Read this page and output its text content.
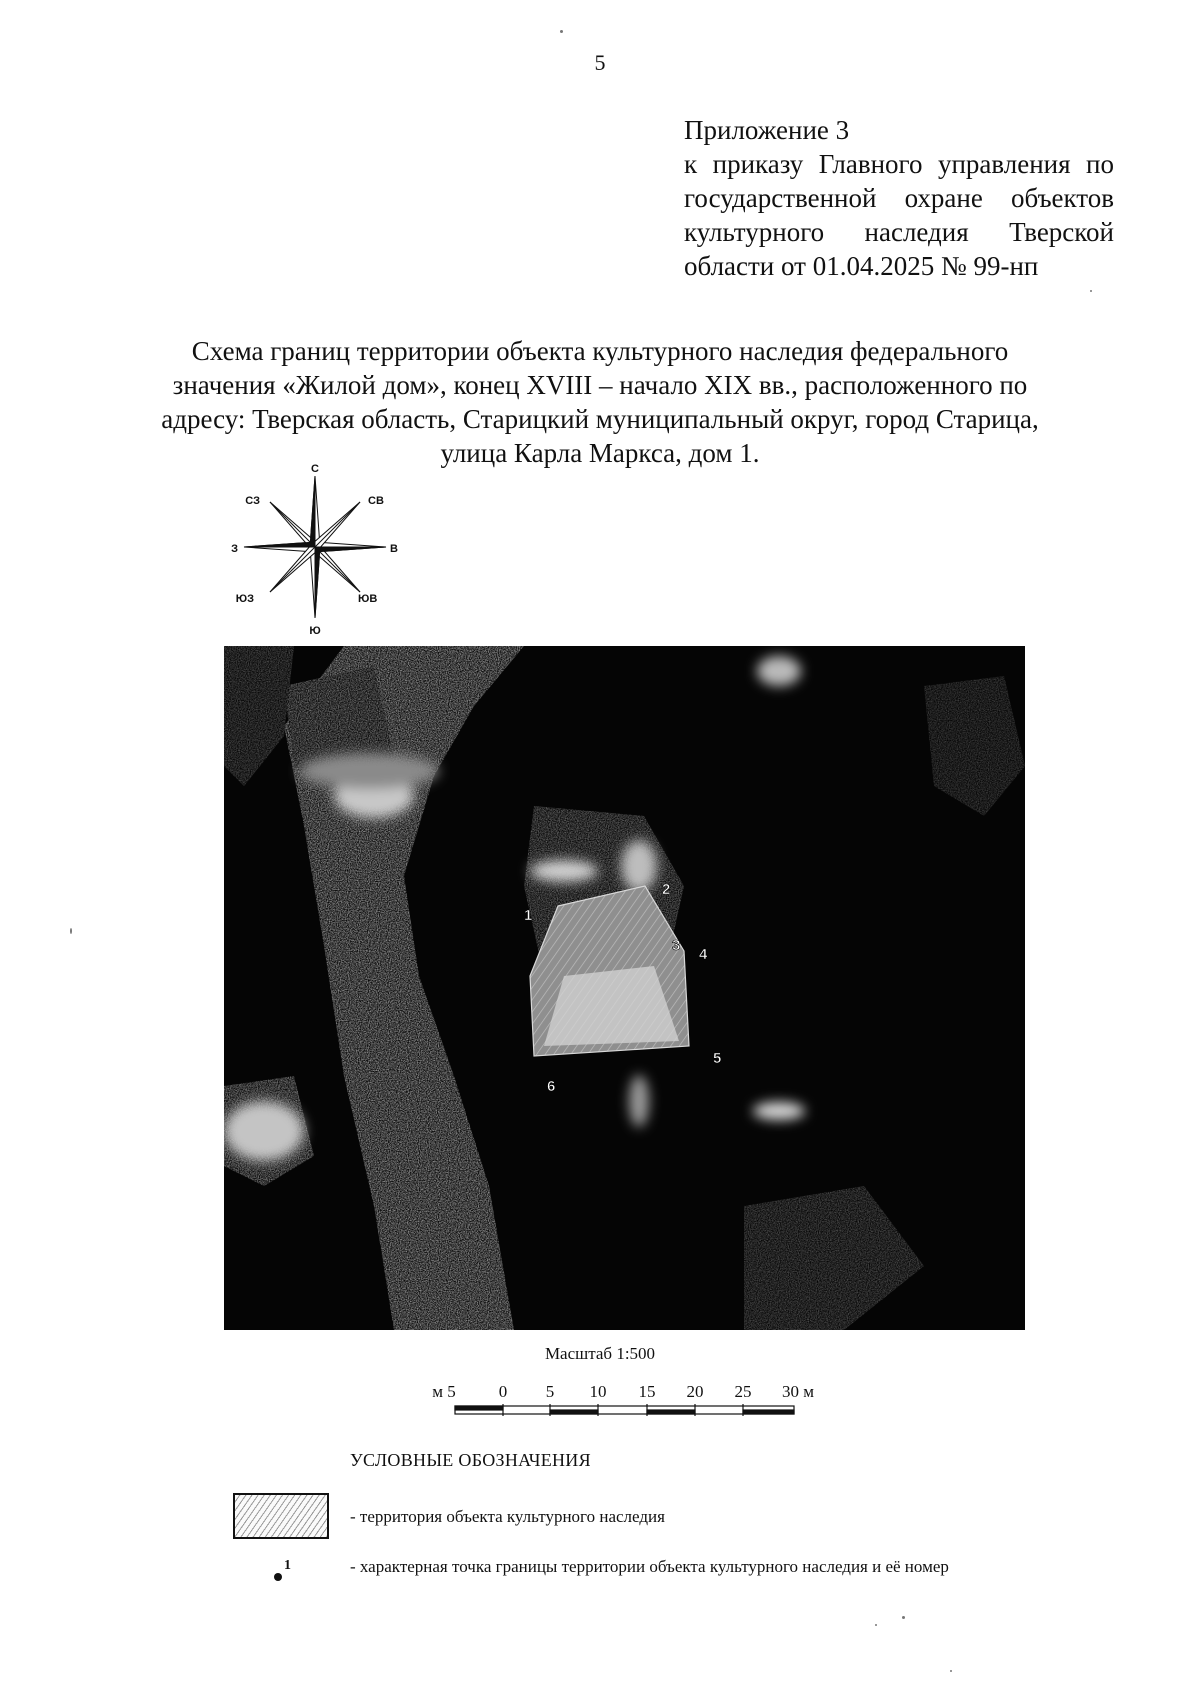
5
Приложение 3
к приказу Главного управления по
государственной охране объектов
культурного наследия Тверской
области от 01.04.2025 № 99-нп
Схема границ территории объекта культурного наследия федерального
значения «Жилой дом», конец XVIII – начало XIX вв., расположенного по
адресу: Тверская область, Старицкий муниципальный округ, город Старица,
улица Карла Маркса, дом 1.
С
СВ
В
ЮВ
Ю
ЮЗ
З
СЗ
1
2
3
4
5
6
Масштаб 1:500
м 5	0 5 10 15 20 25 30 м
УСЛОВНЫЕ ОБОЗНАЧЕНИЯ
- территория объекта культурного наследия
1	- характерная точка границы территории объекта культурного наследия и её номер
